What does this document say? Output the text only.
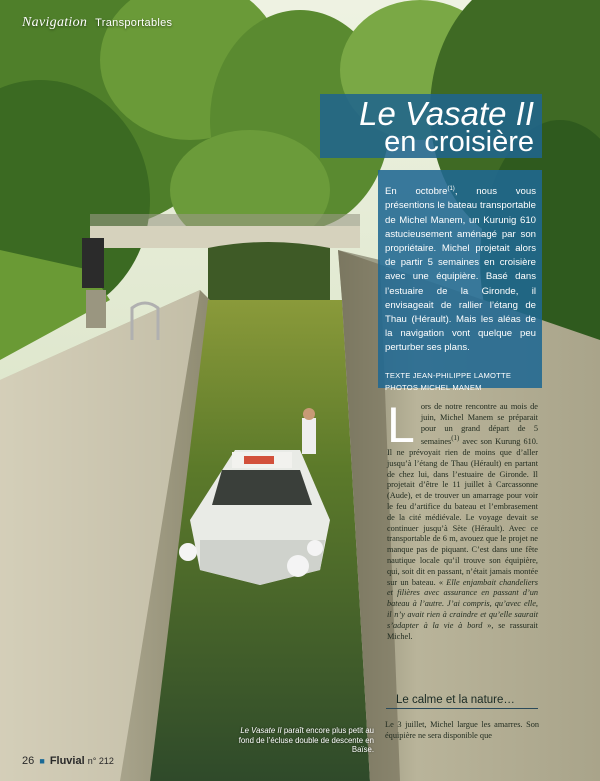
Navigation Transportables
Le Vasate II
en croisière

En octobre$^{(1)}$, nous vous présentions le bateau transportable de Michel Manem, un Kurunig 610 astucieusement aménagé par son propriétaire. Michel projetait alors de partir 5 semaines en croisière avec une équipière. Basé dans l’estuaire de la Gironde, il envisageait de rallier l’étang de Thau (Hérault). Mais les aléas de la navigation vont quelque peu perturber ses plans.

TEXTE JEAN-PHILIPPE LAMOTTE
PHOTOS MICHEL MANEM

Lors de notre rencontre au mois de juin, Michel Manem se préparait pour un grand départ de 5 semaines$^{(1)}$ avec son Kurung 610. Il ne prévoyait rien de moins que d’aller jusqu’à l’étang de Thau (Hérault) en partant de chez lui, dans l’estuaire de Gironde. Il projetait d’être le 11 juillet à Carcassonne (Aude), et de trouver un amarrage pour voir le feu d’artifice du bateau et l’embrasement de la cité médiévale. Le voyage devait se continuer jusqu’à Sète (Hérault). Avec ce transportable de 6 m, avouez que le projet ne manque pas de piquant. C’est dans une fête nautique locale qu’il trouve son équipière, qui, soit dit en passant, n’était jamais montée sur un bateau. « Elle enjambait chandeliers et filières avec assurance en passant d’un bateau à l’autre. J’ai compris, qu’avec elle, il n’y avait rien à craindre et qu’elle saurait s’adapter à la vie à bord », se rassurait Michel.

Le calme et la nature…
Le 3 juillet, Michel largue les amarres. Son équipière ne sera disponible que
Le Vasate II paraît encore plus petit au fond de l’écluse double de descente en Baïse.
26 ■ Fluvial n° 212
